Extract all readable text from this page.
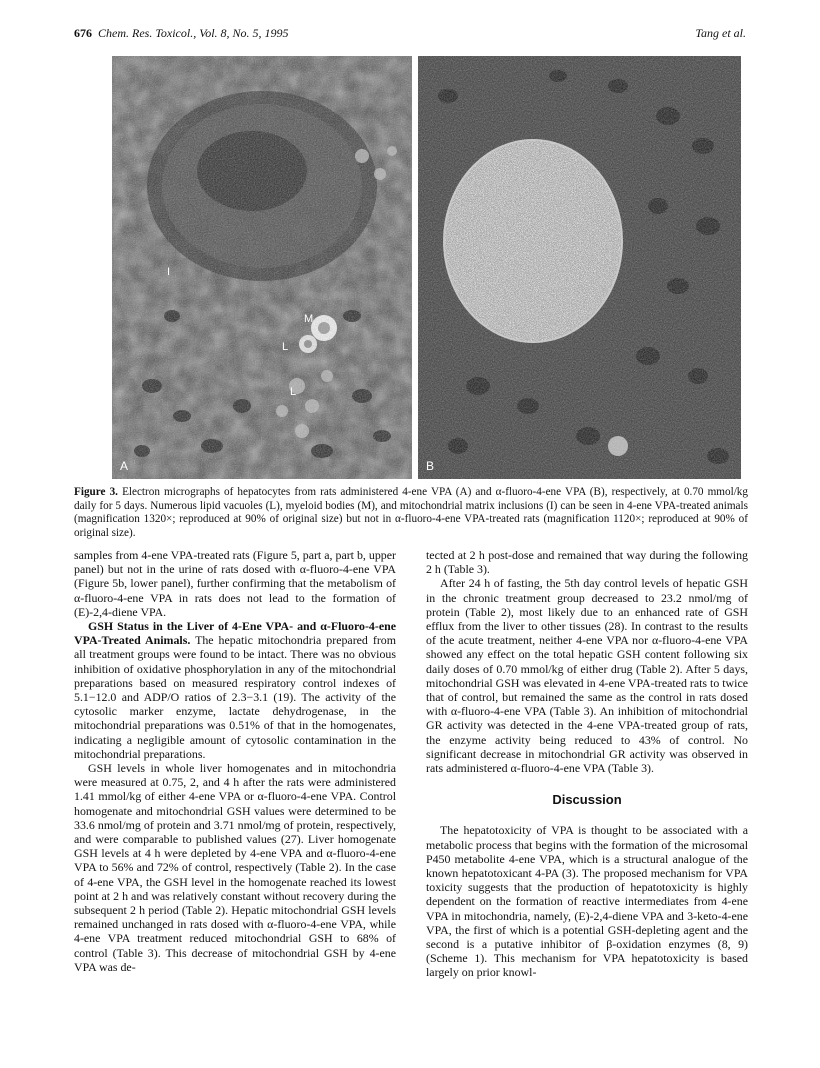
676 Chem. Res. Toxicol., Vol. 8, No. 5, 1995	Tang et al.
I
M
L
L
A	B
Figure 3. Electron micrographs of hepatocytes from rats administered 4-ene VPA (A) and α-fluoro-4-ene VPA (B), respectively, at 0.70 mmol/kg daily for 5 days. Numerous lipid vacuoles (L), myeloid bodies (M), and mitochondrial matrix inclusions (I) can be seen in 4-ene VPA-treated animals (magnification 1320×; reproduced at 90% of original size) but not in α-fluoro-4-ene VPA-treated rats (magnification 1120×; reproduced at 90% of original size).

samples from 4-ene VPA-treated rats (Figure 5, part a, part b, upper panel) but not in the urine of rats dosed with α-fluoro-4-ene VPA (Figure 5b, lower panel), further confirming that the metabolism of α-fluoro-4-ene VPA in rats does not lead to the formation of (E)-2,4-diene VPA.

GSH Status in the Liver of 4-Ene VPA- and α-Fluoro-4-ene VPA-Treated Animals. The hepatic mitochondria prepared from all treatment groups were found to be intact. There was no obvious inhibition of oxidative phosphorylation in any of the mitochondrial preparations based on measured respiratory control indexes of 5.1−12.0 and ADP/O ratios of 2.3−3.1 (19). The activity of the cytosolic marker enzyme, lactate dehydrogenase, in the mitochondrial preparations was 0.51% of that in the homogenates, indicating a negligible amount of cytosolic contamination in the mitochondrial preparations.

GSH levels in whole liver homogenates and in mitochondria were measured at 0.75, 2, and 4 h after the rats were administered 1.41 mmol/kg of either 4-ene VPA or α-fluoro-4-ene VPA. Control homogenate and mitochondrial GSH values were determined to be 33.6 nmol/mg of protein and 3.71 nmol/mg of protein, respectively, and were comparable to published values (27). Liver homogenate GSH levels at 4 h were depleted by 4-ene VPA and α-fluoro-4-ene VPA to 56% and 72% of control, respectively (Table 2). In the case of 4-ene VPA, the GSH level in the homogenate reached its lowest point at 2 h and was relatively constant without recovery during the subsequent 2 h period (Table 2). Hepatic mitochondrial GSH levels remained unchanged in rats dosed with α-fluoro-4-ene VPA, while 4-ene VPA treatment reduced mitochondrial GSH to 68% of control (Table 3). This decrease of mitochondrial GSH by 4-ene VPA was de-

tected at 2 h post-dose and remained that way during the following 2 h (Table 3).

After 24 h of fasting, the 5th day control levels of hepatic GSH in the chronic treatment group decreased to 23.2 nmol/mg of protein (Table 2), most likely due to an enhanced rate of GSH efflux from the liver to other tissues (28). In contrast to the results of the acute treatment, neither 4-ene VPA nor α-fluoro-4-ene VPA showed any effect on the total hepatic GSH content following six daily doses of 0.70 mmol/kg of either drug (Table 2). After 5 days, mitochondrial GSH was elevated in 4-ene VPA-treated rats to twice that of control, but remained the same as the control in rats dosed with α-fluoro-4-ene VPA (Table 3). An inhibition of mitochondrial GR activity was detected in the 4-ene VPA-treated group of rats, the enzyme activity being reduced to 43% of control. No significant decrease in mitochondrial GR activity was observed in rats administered α-fluoro-4-ene VPA (Table 3).

Discussion

The hepatotoxicity of VPA is thought to be associated with a metabolic process that begins with the formation of the microsomal P450 metabolite 4-ene VPA, which is a structural analogue of the known hepatotoxicant 4-PA (3). The proposed mechanism for VPA toxicity suggests that the production of hepatotoxicity is highly dependent on the formation of reactive intermediates from 4-ene VPA in mitochondria, namely, (E)-2,4-diene VPA and 3-keto-4-ene VPA, the first of which is a potential GSH-depleting agent and the second is a putative inhibitor of β-oxidation enzymes (8, 9) (Scheme 1). This mechanism for VPA hepatotoxicity is based largely on prior knowl-
